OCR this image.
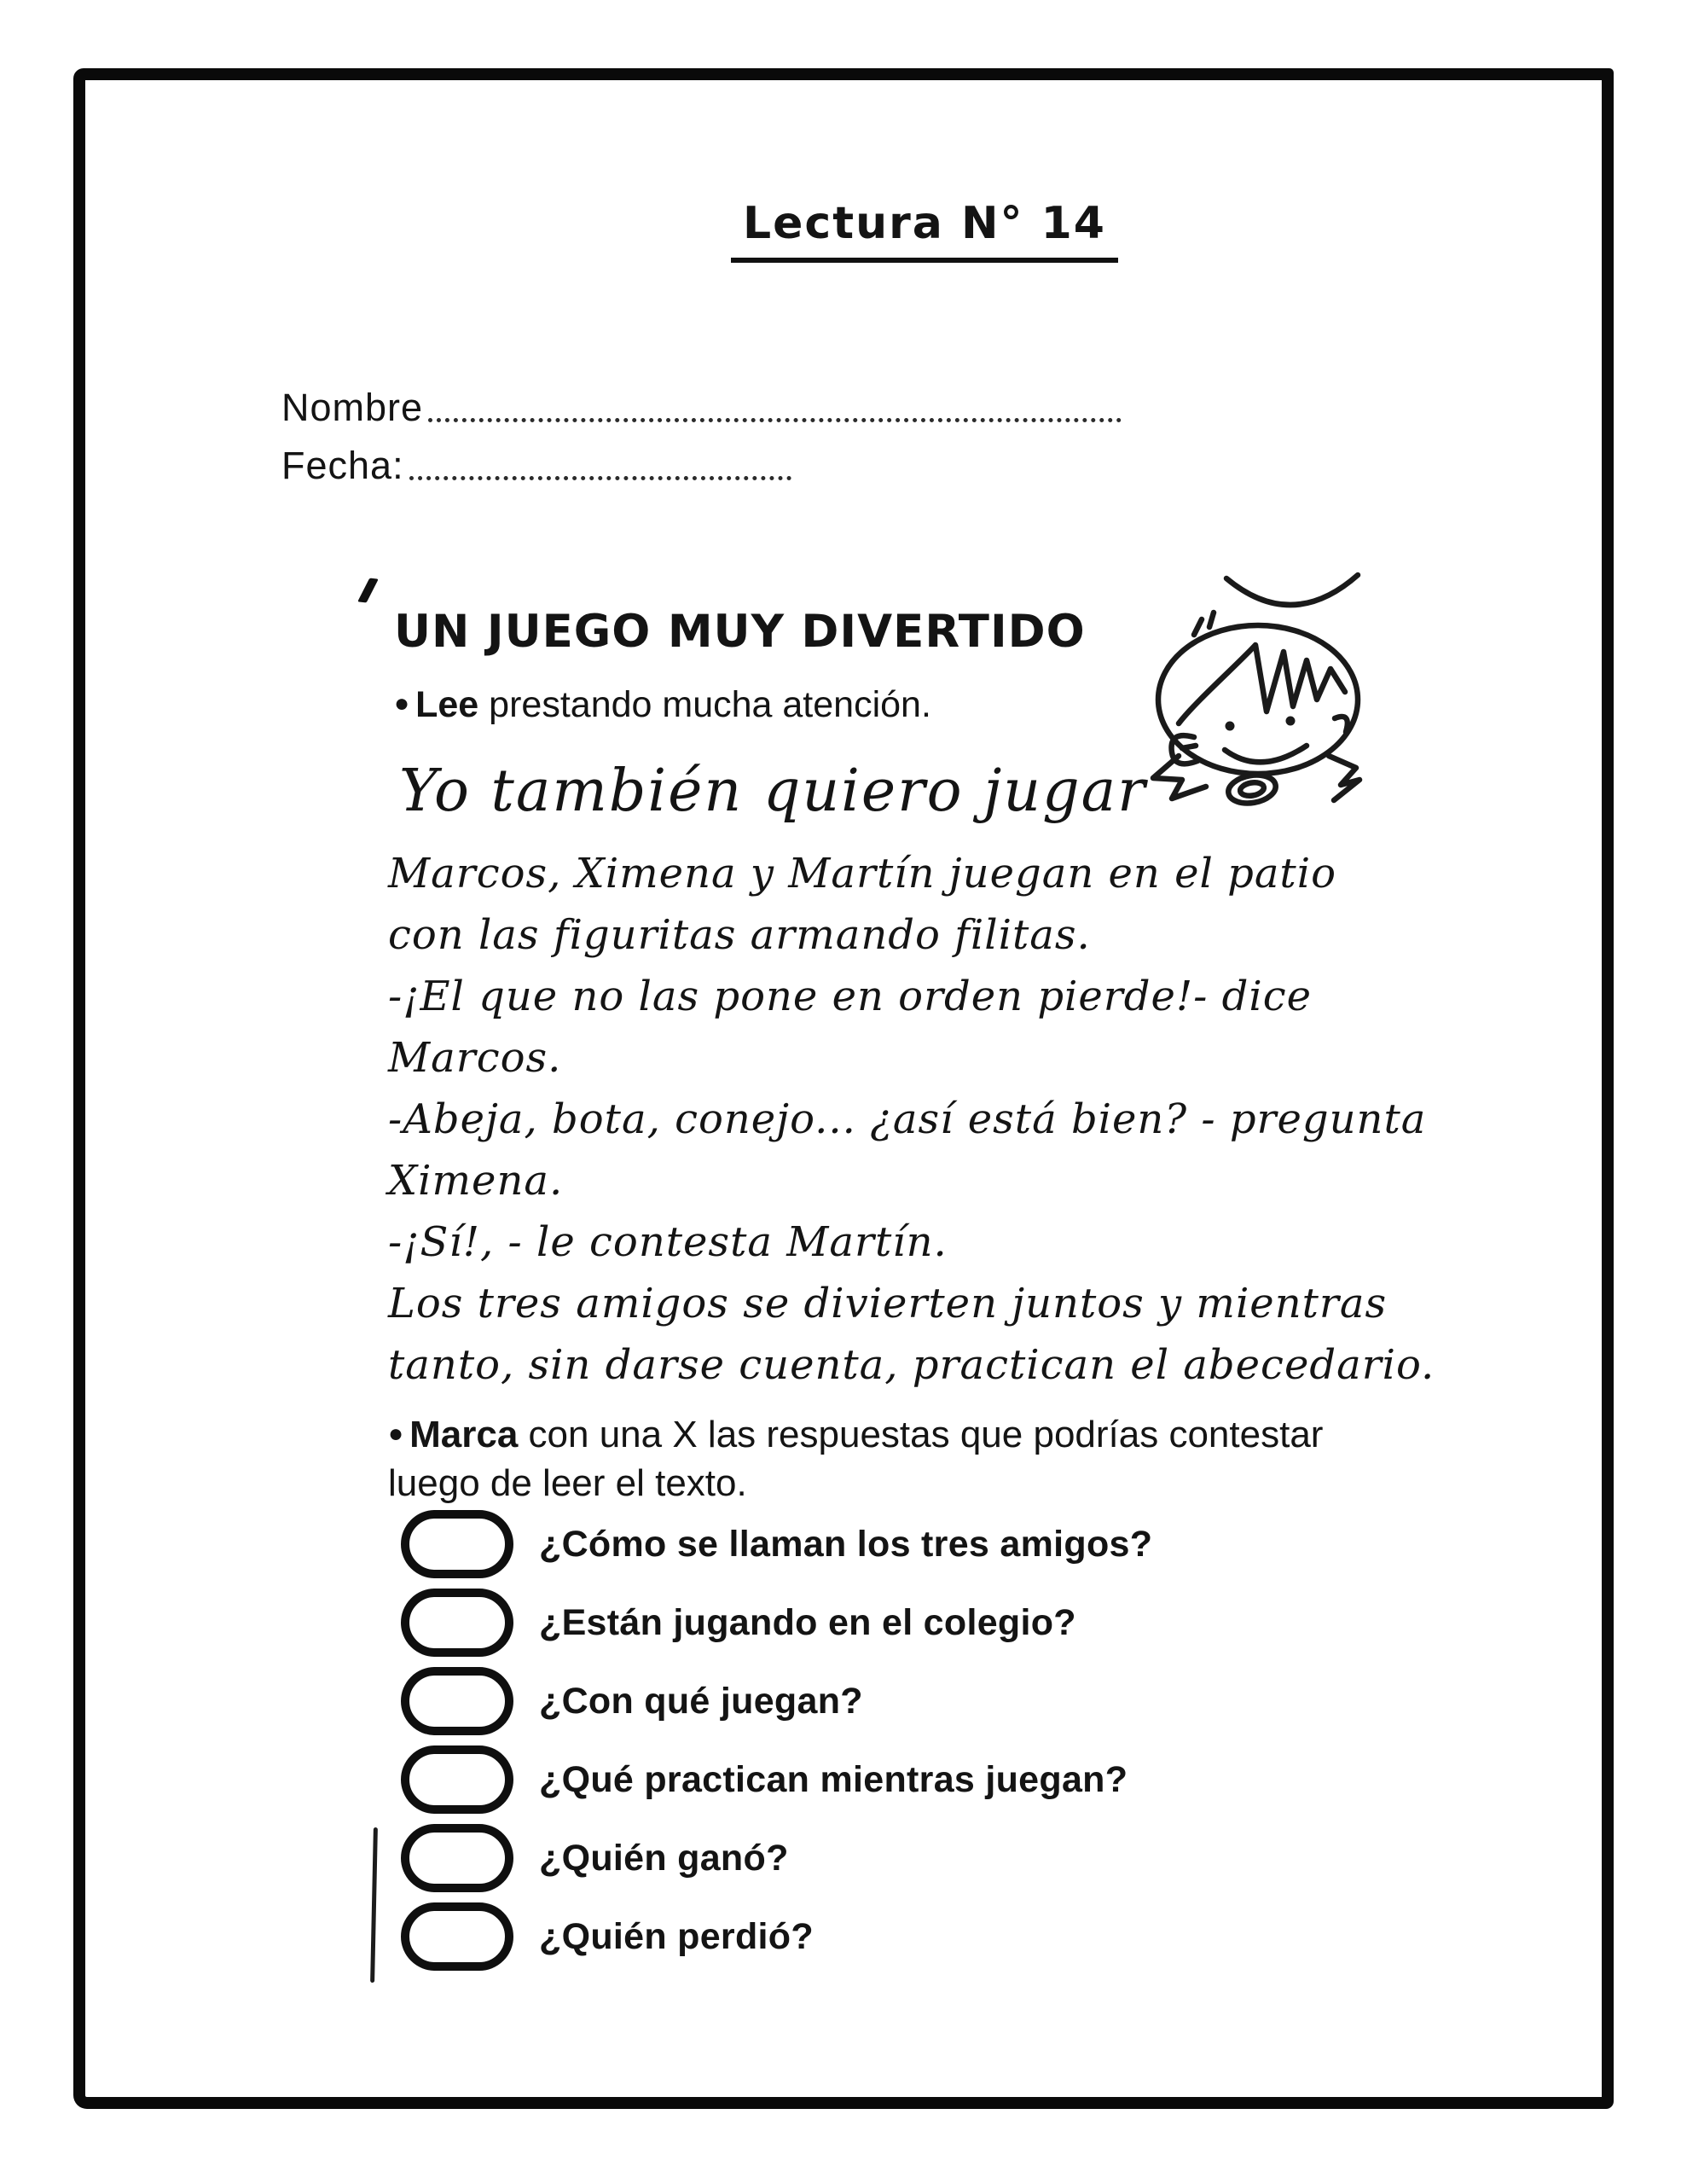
Lectura N° 14
Nombre
Fecha:
UN JUEGO MUY DIVERTIDO
● Lee prestando mucha atención.
Yo también quiero jugar
Marcos, Ximena y Martín juegan en el patio
con las figuritas armando filitas.
-¡El que no las pone en orden pierde!- dice
Marcos.
-Abeja, bota, conejo... ¿así está bien? - pregunta
Ximena.
-¡Sí!, - le contesta Martín.
Los tres amigos se divierten juntos y mientras
tanto, sin darse cuenta, practican el abecedario.
● Marca con una X las respuestas que podrías contestar
luego de leer el texto.
¿Cómo se llaman los tres amigos?
¿Están jugando en el colegio?
¿Con qué juegan?
¿Qué practican mientras juegan?
¿Quién ganó?
¿Quién perdió?
